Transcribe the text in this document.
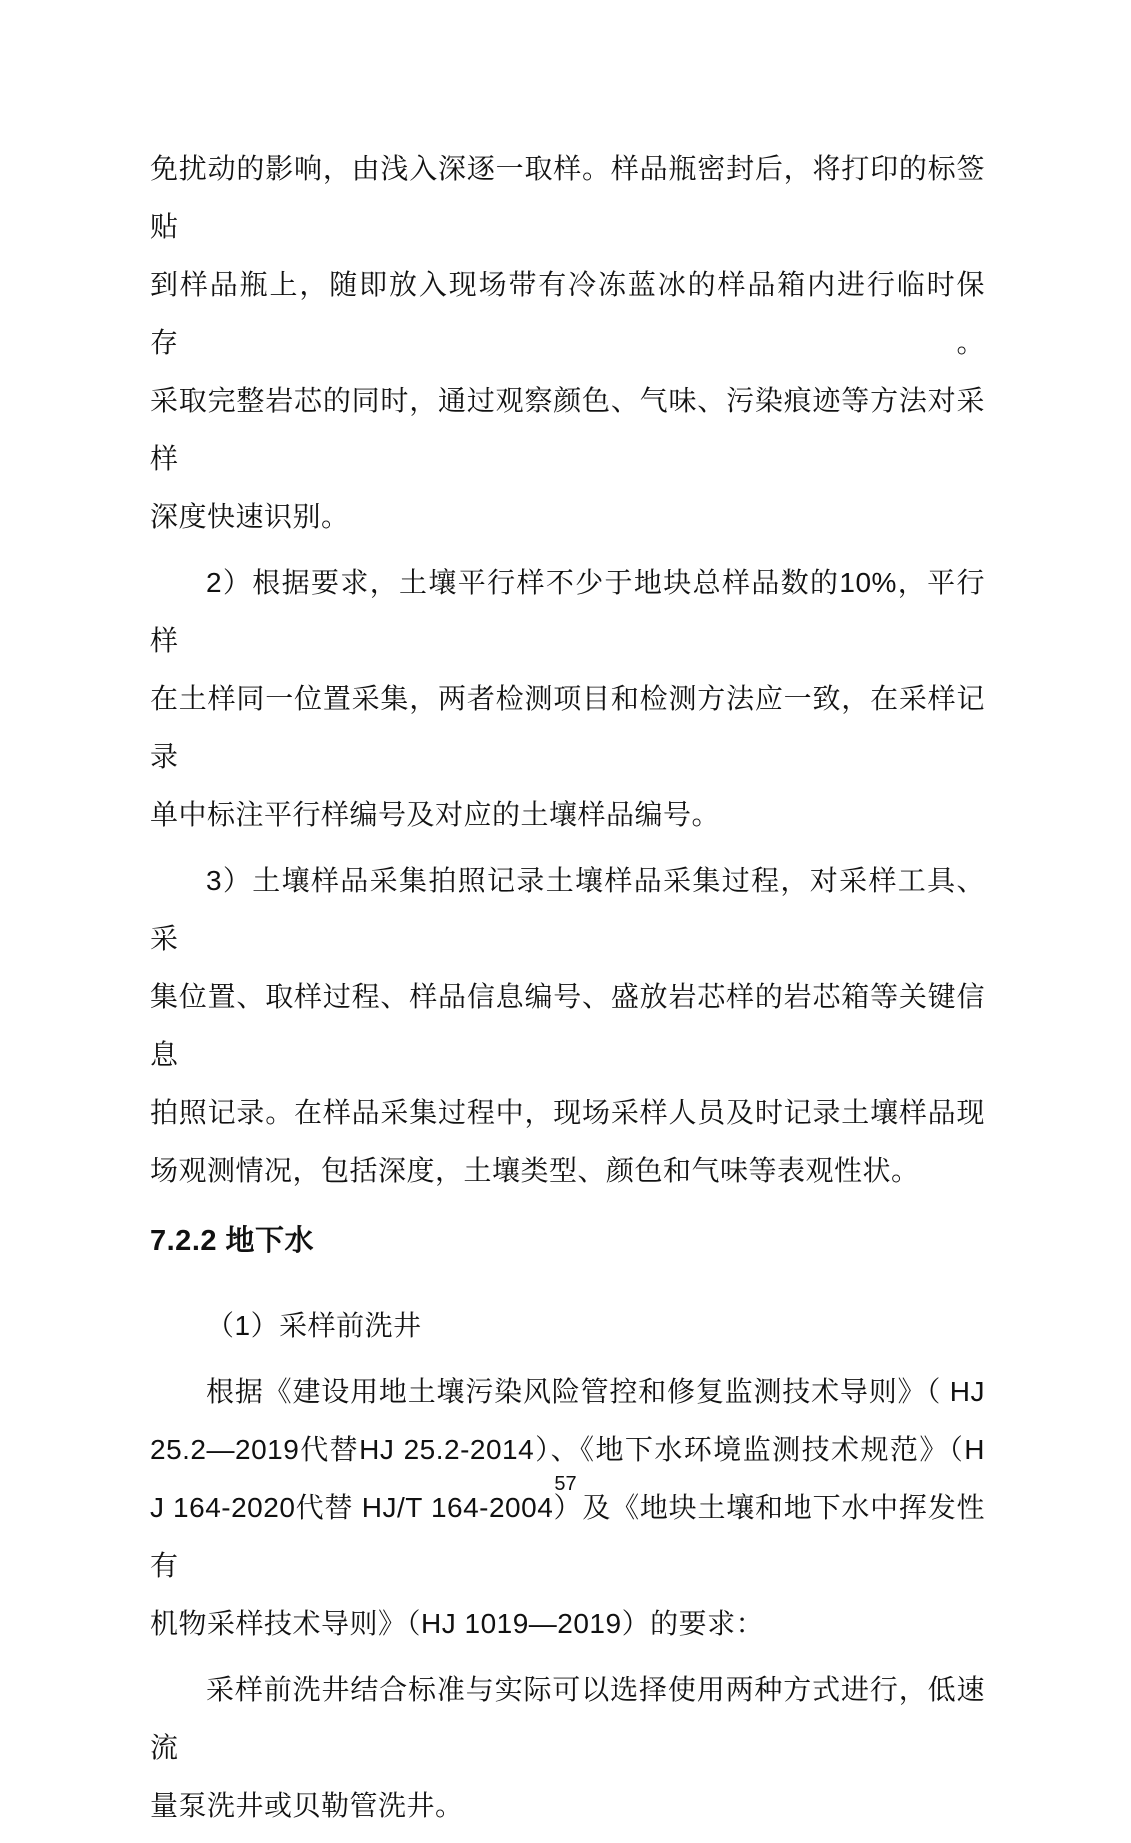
免扰动的影响，由浅入深逐一取样。样品瓶密封后，将打印的标签贴

到样品瓶上，随即放入现场带有冷冻蓝冰的样品箱内进行临时保存。

采取完整岩芯的同时，通过观察颜色、气味、污染痕迹等方法对采样

深度快速识别。

2）根据要求，土壤平行样不少于地块总样品数的10%，平行样

在土样同一位置采集，两者检测项目和检测方法应一致，在采样记录

单中标注平行样编号及对应的土壤样品编号。

3）土壤样品采集拍照记录土壤样品采集过程，对采样工具、采

集位置、取样过程、样品信息编号、盛放岩芯样的岩芯箱等关键信息

拍照记录。在样品采集过程中，现场采样人员及时记录土壤样品现

场观测情况，包括深度，土壤类型、颜色和气味等表观性状。

7.2.2 地下水

（1）采样前洗井

根据《建设用地土壤污染风险管控和修复监测技术导则》（ HJ

25.2—2019代替HJ 25.2-2014）、《地下水环境监测技术规范》（H

J 164-2020代替 HJ/T 164-2004）及《地块土壤和地下水中挥发性有

机物采样技术导则》（HJ 1019—2019）的要求：

采样前洗井结合标准与实际可以选择使用两种方式进行，低速流

量泵洗井或贝勒管洗井。

57
